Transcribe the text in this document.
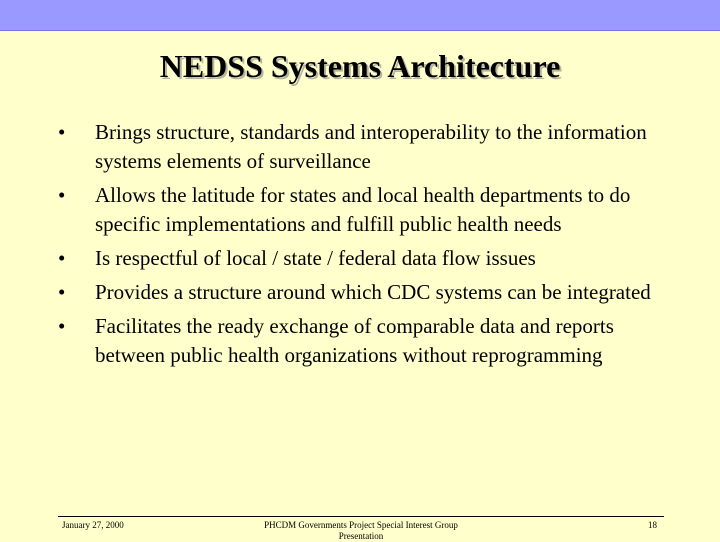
NEDSS Systems Architecture
• Brings structure, standards and interoperability to the information systems elements of surveillance
• Allows the latitude for states and local health departments to do specific implementations and fulfill public health needs
• Is respectful of local / state / federal data flow issues
• Provides a structure around which CDC systems can be integrated
• Facilitates the ready exchange of comparable data and reports between public health organizations without reprogramming
January 27, 2000	PHCDM Governments Project Special Interest Group Presentation
18
